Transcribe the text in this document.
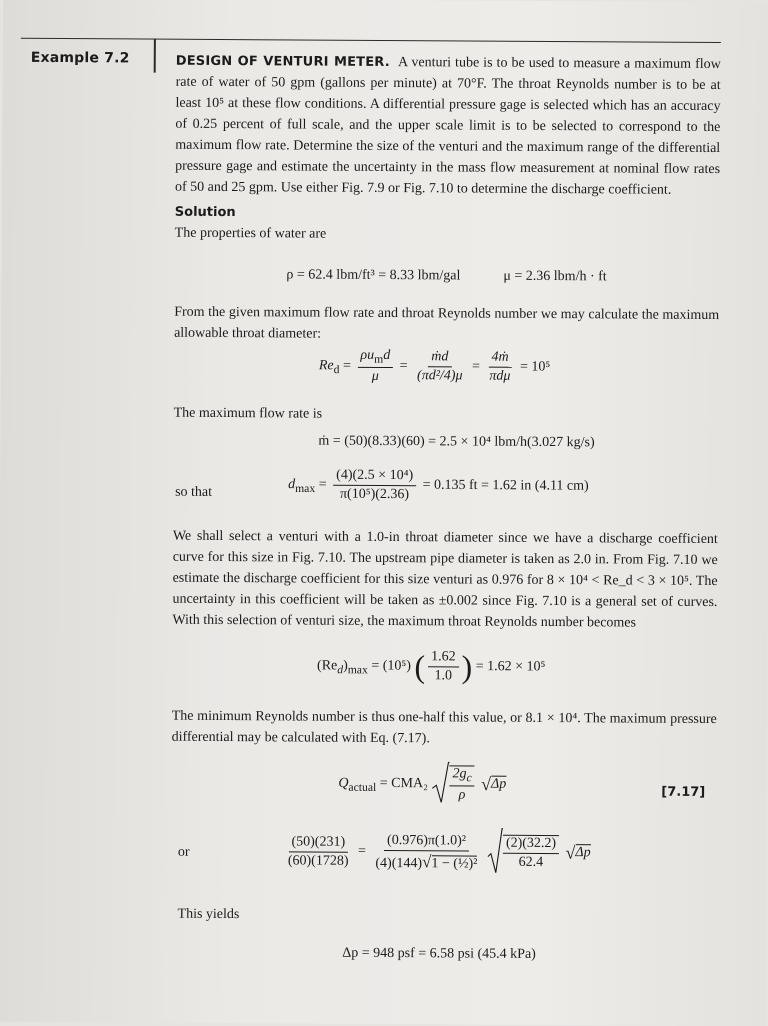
Example 7.2	DESIGN OF VENTURI METER. A venturi tube is to be used to measure a maximum flow rate of water of 50 gpm (gallons per minute) at 70°F. The throat Reynolds number is to be at least 10⁵ at these flow conditions. A differential pressure gage is selected which has an accuracy of 0.25 percent of full scale, and the upper scale limit is to be selected to correspond to the maximum flow rate. Determine the size of the venturi and the maximum range of the differential pressure gage and estimate the uncertainty in the mass flow measurement at nominal flow rates of 50 and 25 gpm. Use either Fig. 7.9 or Fig. 7.10 to determine the discharge coefficient.

Solution

The properties of water are

ρ = 62.4 lbm/ft³ = 8.33 lbm/gal	μ = 2.36 lbm/h · ft

From the given maximum flow rate and throat Reynolds number we may calculate the maximum allowable throat diameter:

$Re_d$ =
$\rho u_md$
μ
= $\frac{\text{ṁd}}{\text{(πd²/4)μ}}$ =
4ṁ
πdμ
= 10⁵

The maximum flow rate is

ṁ = (50)(8.33)(60) = 2.5 × 10⁴ lbm/h(3.027 kg/s)
so that
$d_{max} = \frac{\text{(4)(2.5 × 10⁴)}}{\text{π(10⁵)(2.36)}} = 0.135$ ft = 1.62 in (4.11 cm)

We shall select a venturi with a 1.0-in throat diameter since we have a discharge coefficient curve for this size in Fig. 7.10. The upstream pipe diameter is taken as 2.0 in. From Fig. 7.10 we estimate the discharge coefficient for this size venturi as 0.976 for 8 × 10⁴ < Re_d < 3 × 10⁵. The uncertainty in this coefficient will be taken as ±0.002 since Fig. 7.10 is a general set of curves. With this selection of venturi size, the maximum throat Reynolds number becomes

$(Re_d)_{max} = (10^5)$ ( $\frac{1.62}{1.0}$ ) = 1.62 × 10⁵

The minimum Reynolds number is thus one-half this value, or 8.1 × 10⁴. The maximum pressure differential may be calculated with Eq. (7.17).

$Q_{actual} = CMA_2 \frac{2g_c}{\rho} √\Delta p$
[7.17]
or	$\frac{(50)(231)}{(60)(1728)} = \frac{\text{(0.976)π(1.0)²}}{\text{(4)(144)√1 − (½)²}}$
$\frac{(2)(32.2)}{62.4} √\Delta p$
This yields
Δp = 948 psf = 6.58 psi (45.4 kPa)
